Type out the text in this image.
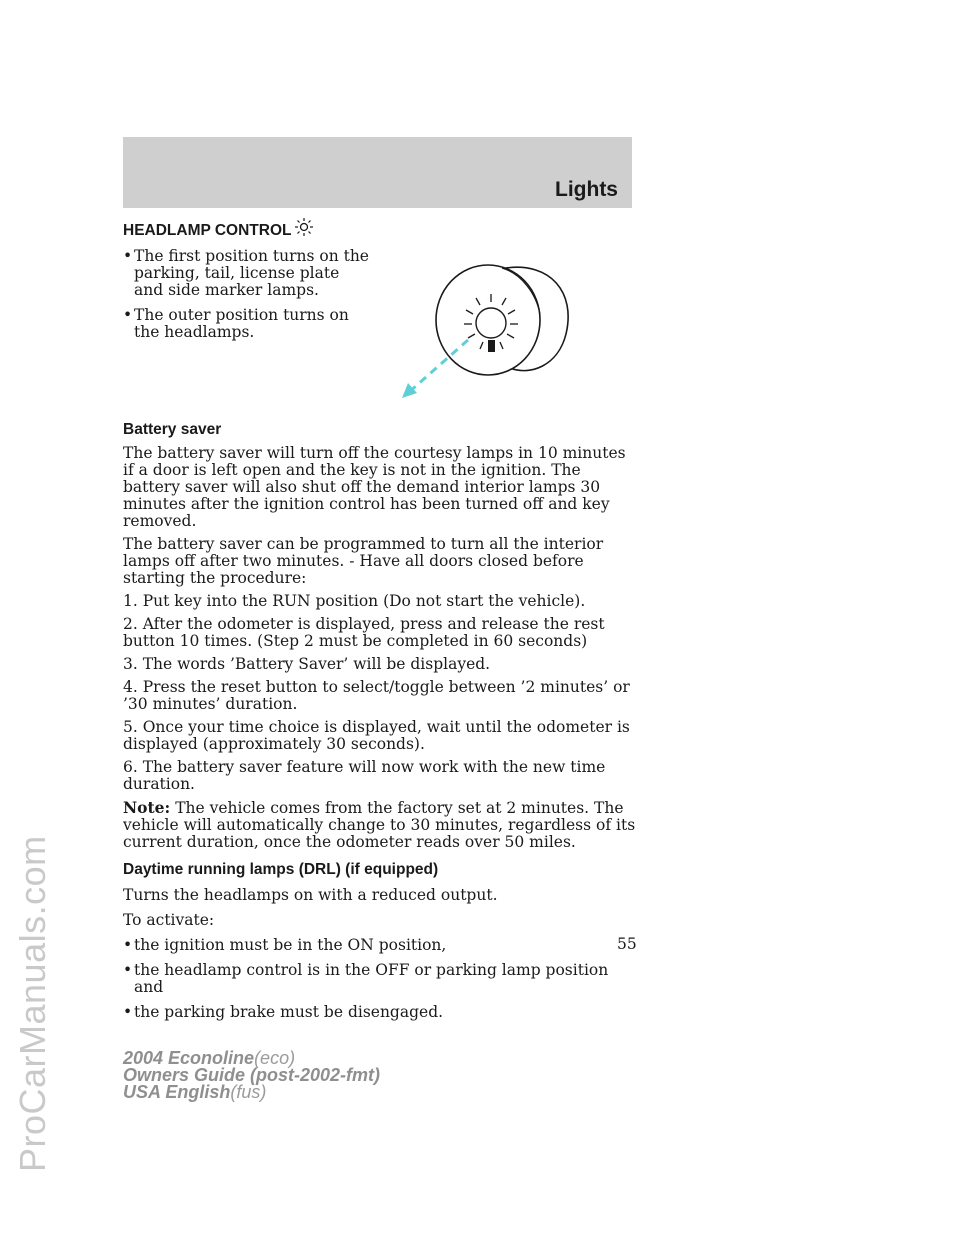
ProCarManuals.com
Lights
HEADLAMP CONTROL
• The first position turns on the parking, tail, license plate and side marker lamps.
• The outer position turns on the headlamps.
Battery saver

The battery saver will turn off the courtesy lamps in 10 minutes if a door is left open and the key is not in the ignition. The battery saver will also shut off the demand interior lamps 30 minutes after the ignition control has been turned off and key removed.

The battery saver can be programmed to turn all the interior lamps off after two minutes. - Have all doors closed before starting the procedure:

1. Put key into the RUN position (Do not start the vehicle).

2. After the odometer is displayed, press and release the rest button 10 times. (Step 2 must be completed in 60 seconds)

3. The words ’Battery Saver’ will be displayed.

4. Press the reset button to select/toggle between ’2 minutes’ or ’30 minutes’ duration.

5. Once your time choice is displayed, wait until the odometer is displayed (approximately 30 seconds).

6. The battery saver feature will now work with the new time duration.

Note: The vehicle comes from the factory set at 2 minutes. The vehicle will automatically change to 30 minutes, regardless of its current duration, once the odometer reads over 50 miles.

Daytime running lamps (DRL) (if equipped)

Turns the headlamps on with a reduced output.

To activate:

• the ignition must be in the ON position,
• the headlamp control is in the OFF or parking lamp position and
• the parking brake must be disengaged.
55
2004 Econoline(eco)
Owners Guide (post-2002-fmt)
USA English(fus)
